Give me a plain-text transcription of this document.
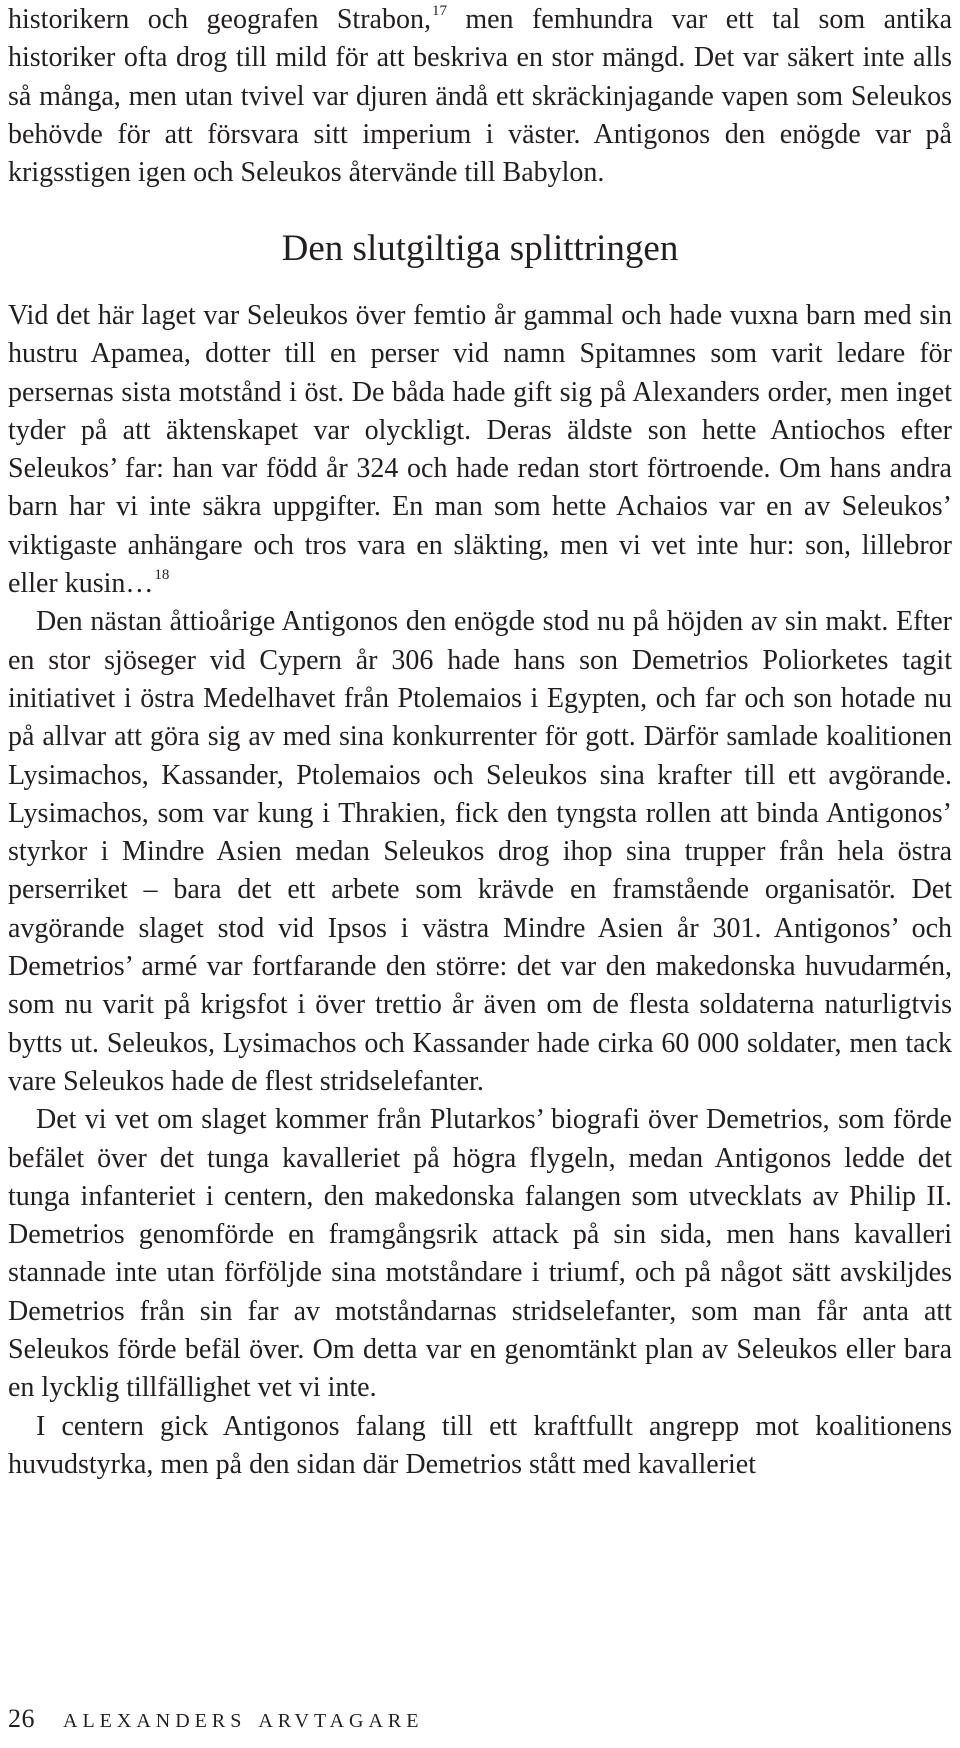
historikern och geografen Strabon,$^{17}$ men femhundra var ett tal som antika historiker ofta drog till mild för att beskriva en stor mängd. Det var säkert inte alls så många, men utan tvivel var djuren ändå ett skräckinjagande vapen som Seleukos behövde för att försvara sitt imperium i väster. Antigonos den enögde var på krigsstigen igen och Seleukos återvände till Babylon.

Den slutgiltiga splittringen

Vid det här laget var Seleukos över femtio år gammal och hade vuxna barn med sin hustru Apamea, dotter till en perser vid namn Spitamnes som varit ledare för persernas sista motstånd i öst. De båda hade gift sig på Alexanders order, men inget tyder på att äktenskapet var olyckligt. Deras äldste son hette Antiochos efter Seleukos’ far: han var född år 324 och hade redan stort förtroende. Om hans andra barn har vi inte säkra uppgifter. En man som hette Achaios var en av Seleukos’ viktigaste anhängare och tros vara en släkting, men vi vet inte hur: son, lillebror eller kusin…$^{18}$

Den nästan åttioårige Antigonos den enögde stod nu på höjden av sin makt. Efter en stor sjöseger vid Cypern år 306 hade hans son Demetrios Poliorketes tagit initiativet i östra Medelhavet från Ptolemaios i Egypten, och far och son hotade nu på allvar att göra sig av med sina konkurrenter för gott. Därför samlade koalitionen Lysimachos, Kassander, Ptolemaios och Seleukos sina krafter till ett avgörande. Lysimachos, som var kung i Thrakien, fick den tyngsta rollen att binda Antigonos’ styrkor i Mindre Asien medan Seleukos drog ihop sina trupper från hela östra perserriket – bara det ett arbete som krävde en framstående organisatör. Det avgörande slaget stod vid Ipsos i västra Mindre Asien år 301. Antigonos’ och Demetrios’ armé var fortfarande den större: det var den makedonska huvudarmén, som nu varit på krigsfot i över trettio år även om de flesta soldaterna naturligtvis bytts ut. Seleukos, Lysimachos och Kassander hade cirka 60 000 soldater, men tack vare Seleukos hade de flest stridselefanter.

Det vi vet om slaget kommer från Plutarkos’ biografi över Demetrios, som förde befälet över det tunga kavalleriet på högra flygeln, medan Antigonos ledde det tunga infanteriet i centern, den makedonska falangen som utvecklats av Philip II. Demetrios genomförde en framgångsrik attack på sin sida, men hans kavalleri stannade inte utan förföljde sina motståndare i triumf, och på något sätt avskiljdes Demetrios från sin far av motståndarnas stridselefanter, som man får anta att Seleukos förde befäl över. Om detta var en genomtänkt plan av Seleukos eller bara en lycklig tillfällighet vet vi inte.

I centern gick Antigonos falang till ett kraftfullt angrepp mot koalitionens huvudstyrka, men på den sidan där Demetrios stått med kavalleriet

26 alexanders arvtagare
